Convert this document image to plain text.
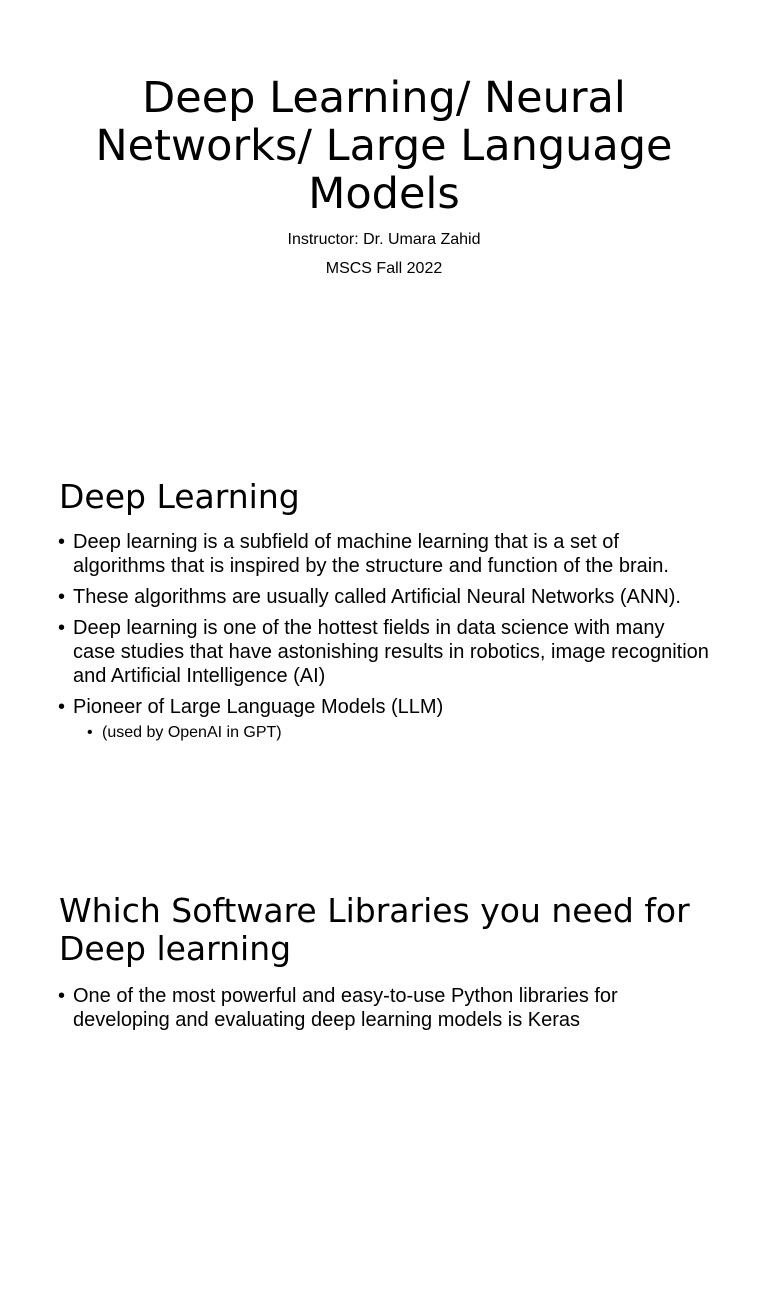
Deep Learning/ Neural Networks/ Large Language Models

Instructor: Dr. Umara Zahid

MSCS Fall 2022

Deep Learning
• Deep learning is a subfield of machine learning that is a set of algorithms that is inspired by the structure and function of the brain.
• These algorithms are usually called Artificial Neural Networks (ANN).
• Deep learning is one of the hottest fields in data science with many case studies that have astonishing results in robotics, image recognition and Artificial Intelligence (AI)
• Pioneer of Large Language Models (LLM)
• (used by OpenAI in GPT)
Which Software Libraries you need for Deep learning
• One of the most powerful and easy-to-use Python libraries for developing and evaluating deep learning models is Keras
